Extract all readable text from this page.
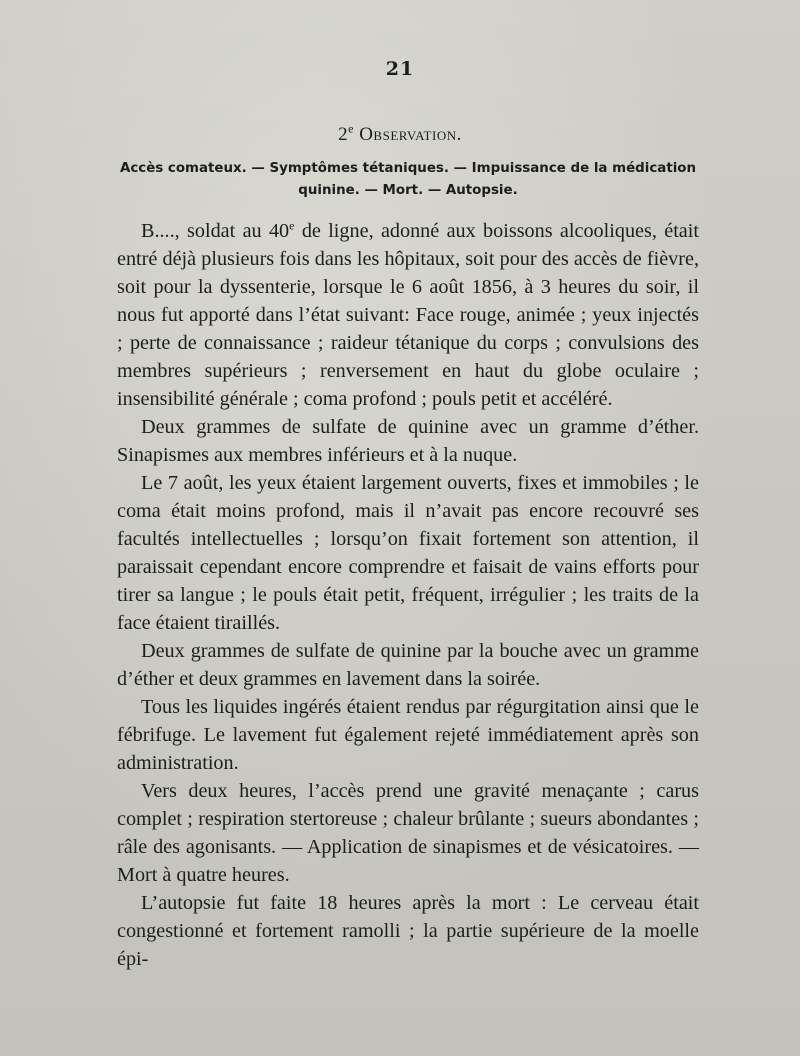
21
2e Observation.
Accès comateux. — Symptômes tétaniques. — Impuissance de la médication quinine. — Mort. — Autopsie.

B...., soldat au 40e de ligne, adonné aux boissons alcooliques, était entré déjà plusieurs fois dans les hôpitaux, soit pour des accès de fièvre, soit pour la dyssenterie, lorsque le 6 août 1856, à 3 heures du soir, il nous fut apporté dans l’état suivant: Face rouge, animée ; yeux injectés ; perte de connaissance ; raideur tétanique du corps ; convulsions des membres supérieurs ; renversement en haut du globe oculaire ; insensibilité générale ; coma profond ; pouls petit et accéléré.

Deux grammes de sulfate de quinine avec un gramme d’éther. Sinapismes aux membres inférieurs et à la nuque.

Le 7 août, les yeux étaient largement ouverts, fixes et immobiles ; le coma était moins profond, mais il n’avait pas encore recouvré ses facultés intellectuelles ; lorsqu’on fixait fortement son attention, il paraissait cependant encore comprendre et faisait de vains efforts pour tirer sa langue ; le pouls était petit, fréquent, irrégulier ; les traits de la face étaient tiraillés.

Deux grammes de sulfate de quinine par la bouche avec un gramme d’éther et deux grammes en lavement dans la soirée.

Tous les liquides ingérés étaient rendus par régurgitation ainsi que le fébrifuge. Le lavement fut également rejeté immédiatement après son administration.

Vers deux heures, l’accès prend une gravité menaçante ; carus complet ; respiration stertoreuse ; chaleur brûlante ; sueurs abondantes ; râle des agonisants. — Application de sinapismes et de vésicatoires. — Mort à quatre heures.

L’autopsie fut faite 18 heures après la mort : Le cerveau était congestionné et fortement ramolli ; la partie supérieure de la moelle épi-
